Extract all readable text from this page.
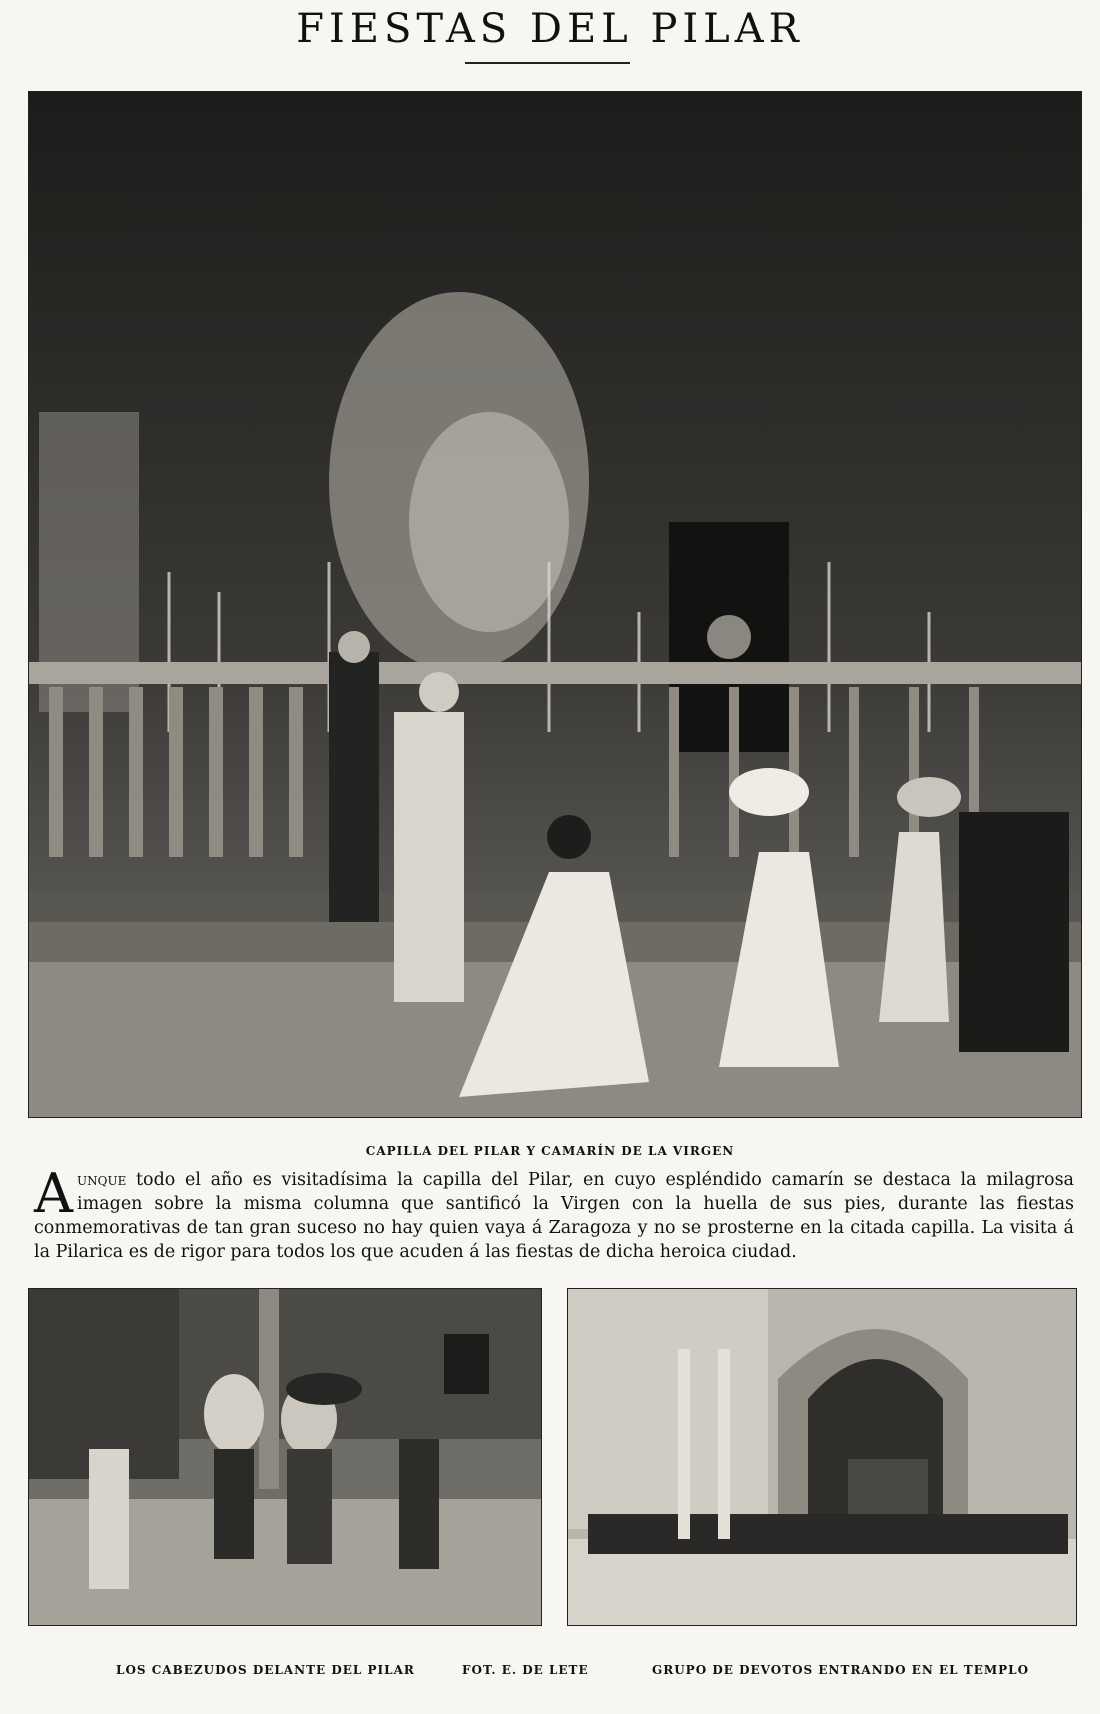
FIESTAS DEL PILAR
CAPILLA DEL PILAR Y CAMARÍN DE LA VIRGEN

Aunque todo el año es visitadísima la capilla del Pilar, en cuyo espléndido camarín se destaca la milagrosa imagen sobre la misma columna que santificó la Virgen con la huella de sus pies, durante las fiestas conmemorativas de tan gran suceso no hay quien vaya á Zaragoza y no se prosterne en la citada capilla. La visita á la Pilarica es de rigor para todos los que acuden á las fiestas de dicha heroica ciudad.

LOS CABEZUDOS DELANTE DEL PILAR	FOT. E. DE LETE	GRUPO DE DEVOTOS ENTRANDO EN EL TEMPLO
